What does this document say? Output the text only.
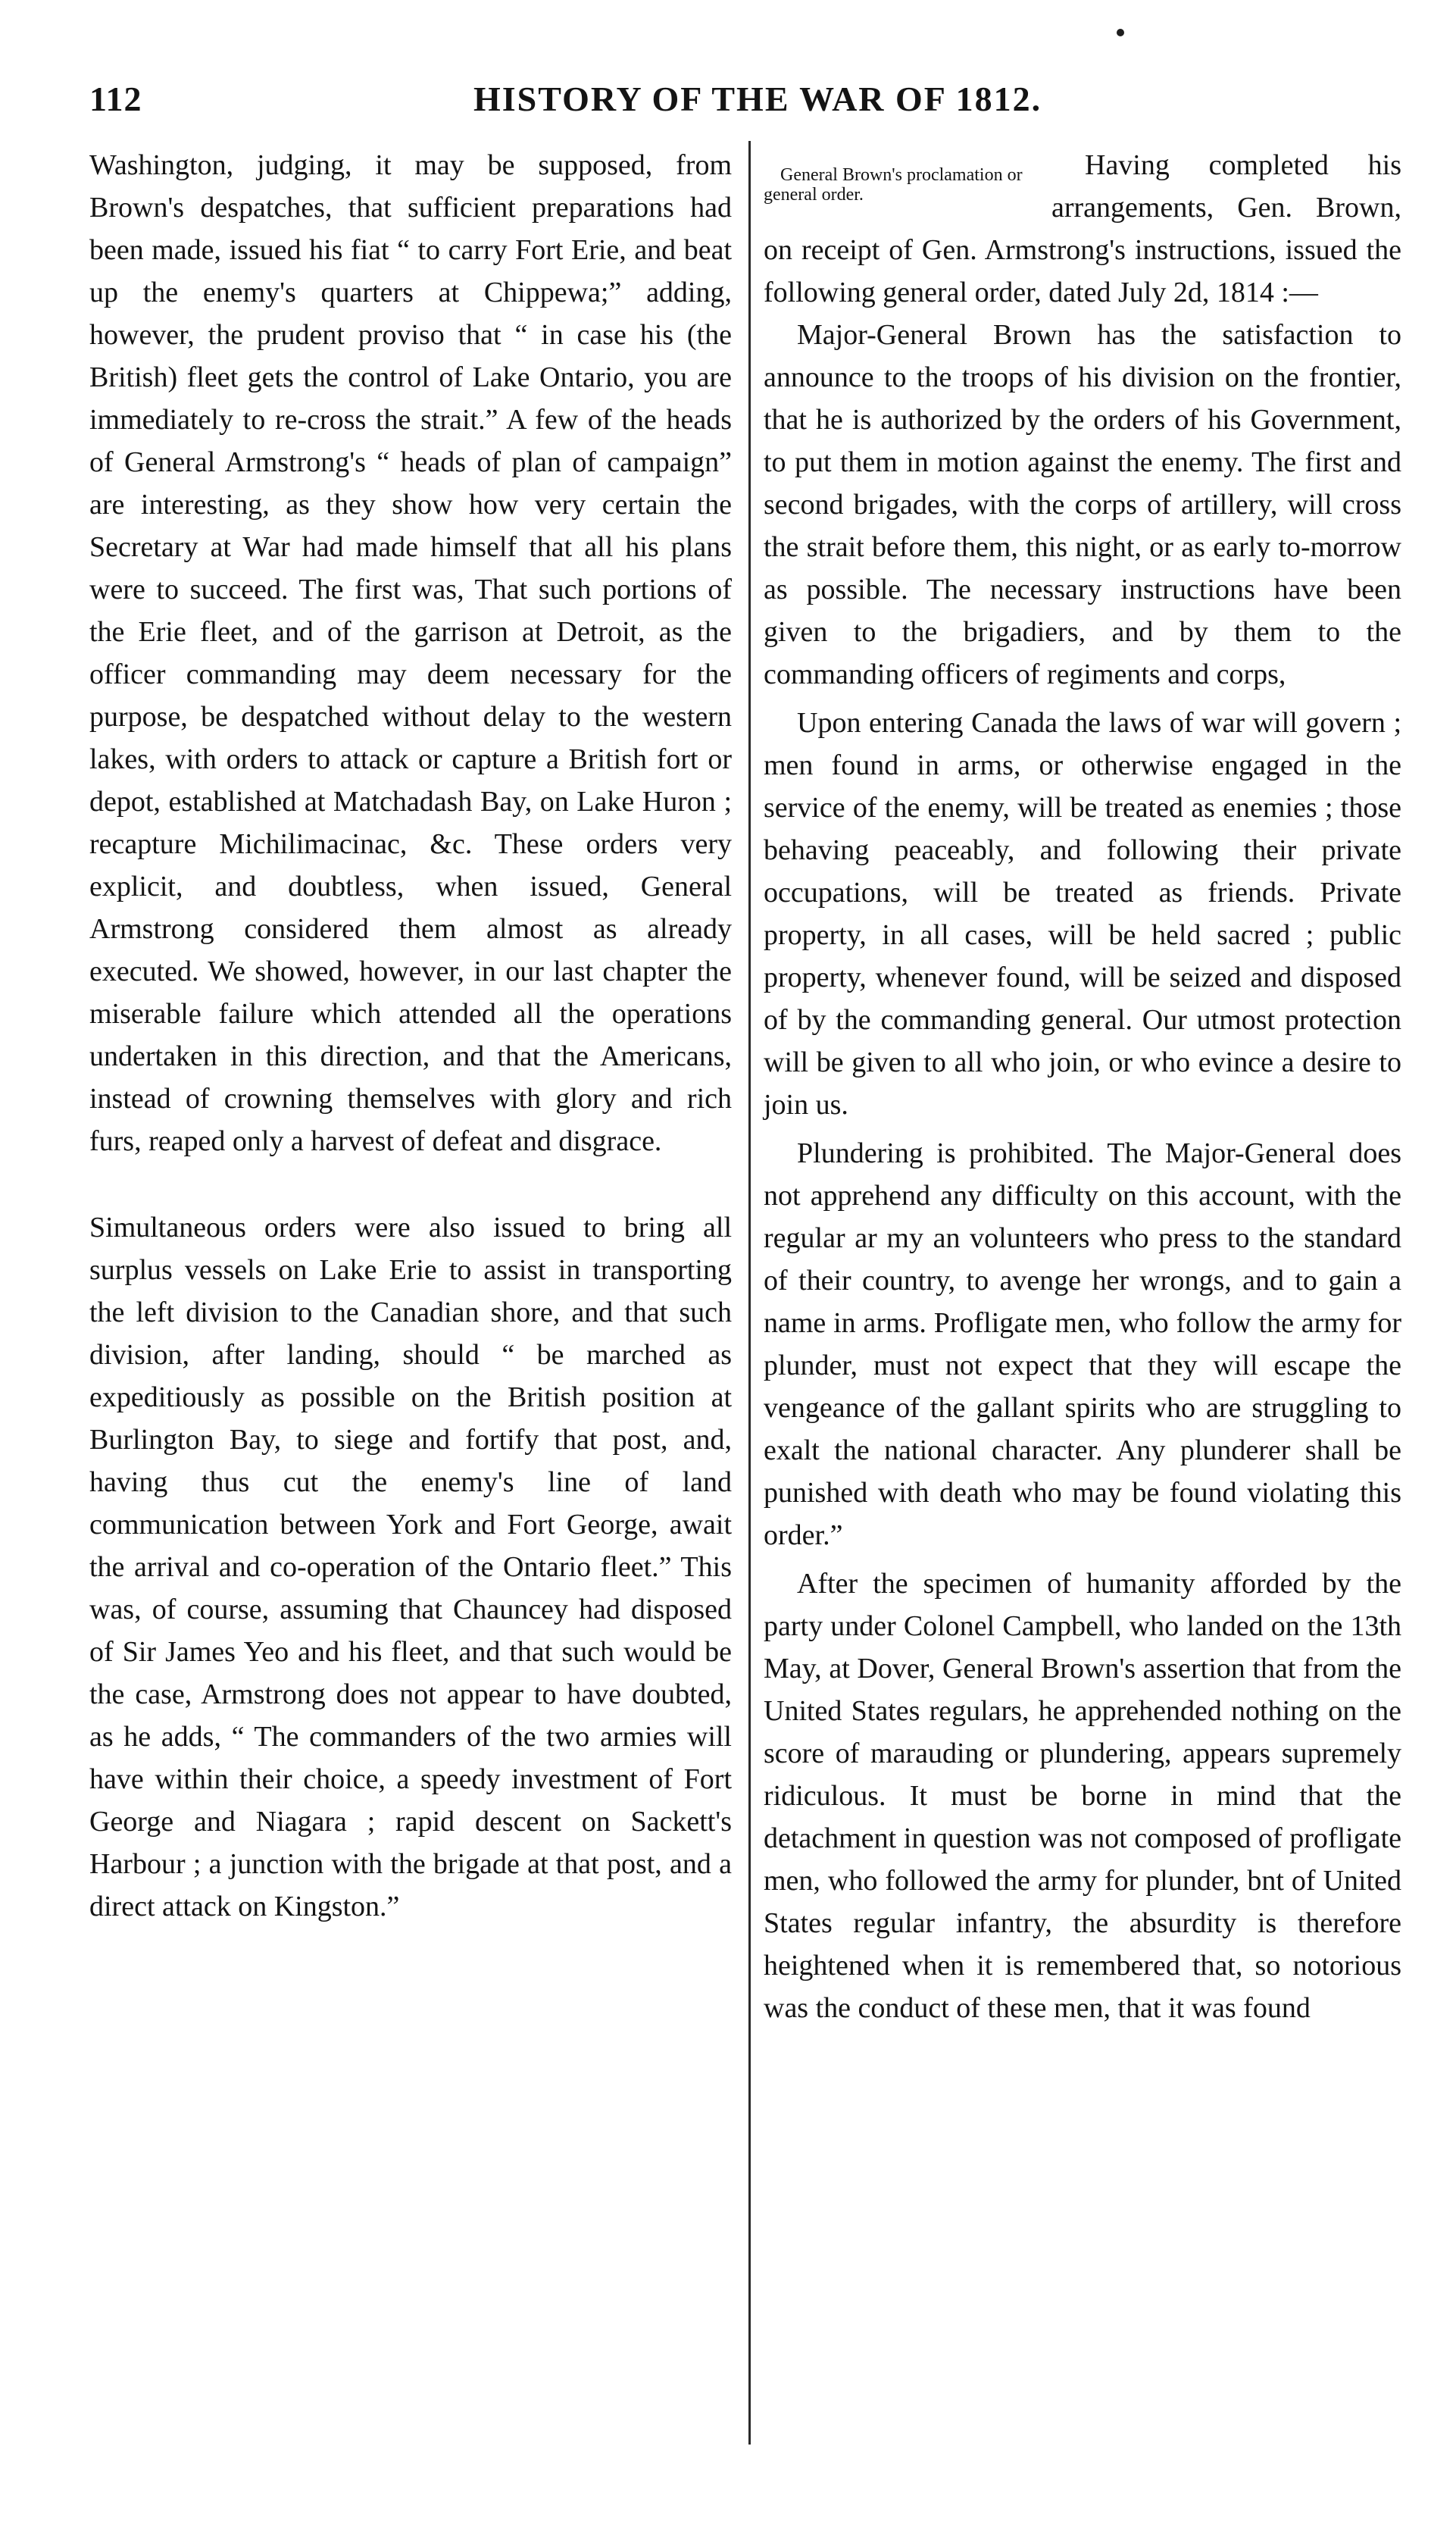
112	HISTORY OF THE WAR OF 1812.

Washington, judging, it may be supposed, from Brown's despatches, that sufficient preparations had been made, issued his fiat “ to carry Fort Erie, and beat up the enemy's quarters at Chippewa;” adding, however, the prudent proviso that “ in case his (the British) fleet gets the control of Lake Ontario, you are immediately to re-cross the strait.” A few of the heads of General Armstrong's “ heads of plan of campaign” are interesting, as they show how very certain the Secretary at War had made himself that all his plans were to succeed. The first was, That such portions of the Erie fleet, and of the garrison at Detroit, as the officer commanding may deem necessary for the purpose, be despatched without delay to the western lakes, with orders to attack or capture a British fort or depot, established at Matchadash Bay, on Lake Huron ; recapture Michilimacinac, &c. These orders very explicit, and doubtless, when issued, General Armstrong considered them almost as already executed. We showed, however, in our last chapter the miserable failure which attended all the operations undertaken in this direction, and that the Americans, instead of crowning themselves with glory and rich furs, reaped only a harvest of defeat and disgrace.

Simultaneous orders were also issued to bring all surplus vessels on Lake Erie to assist in transporting the left division to the Canadian shore, and that such division, after landing, should “ be marched as expeditiously as possible on the British position at Burlington Bay, to siege and fortify that post, and, having thus cut the enemy's line of land communication between York and Fort George, await the arrival and co-operation of the Ontario fleet.” This was, of course, assuming that Chauncey had disposed of Sir James Yeo and his fleet, and that such would be the case, Armstrong does not appear to have doubted, as he adds, “ The commanders of the two armies will have within their choice, a speedy investment of Fort George and Niagara ; rapid descent on Sackett's Harbour ; a junction with the brigade at that post, and a direct attack on Kingston.”

General Brown's proclamation or general order.

Having completed his arrangements, Gen. Brown, on receipt of Gen. Armstrong's instructions, issued the following general order, dated July 2d, 1814 :—

Major-General Brown has the satisfaction to announce to the troops of his division on the frontier, that he is authorized by the orders of his Government, to put them in motion against the enemy. The first and second brigades, with the corps of artillery, will cross the strait before them, this night, or as early to-morrow as possible. The necessary instructions have been given to the brigadiers, and by them to the commanding officers of regiments and corps,

Upon entering Canada the laws of war will govern ; men found in arms, or otherwise engaged in the service of the enemy, will be treated as enemies ; those behaving peaceably, and following their private occupations, will be treated as friends. Private property, in all cases, will be held sacred ; public property, whenever found, will be seized and disposed of by the commanding general. Our utmost protection will be given to all who join, or who evince a desire to join us.

Plundering is prohibited. The Major-General does not apprehend any difficulty on this account, with the regular ar my an volunteers who press to the standard of their country, to avenge her wrongs, and to gain a name in arms. Profligate men, who follow the army for plunder, must not expect that they will escape the vengeance of the gallant spirits who are struggling to exalt the national character. Any plunderer shall be punished with death who may be found violating this order.”

After the specimen of humanity afforded by the party under Colonel Campbell, who landed on the 13th May, at Dover, General Brown's assertion that from the United States regulars, he apprehended nothing on the score of marauding or plundering, appears supremely ridiculous. It must be borne in mind that the detachment in question was not composed of profligate men, who followed the army for plunder, bnt of United States regular infantry, the absurdity is therefore heightened when it is remembered that, so notorious was the conduct of these men, that it was found
